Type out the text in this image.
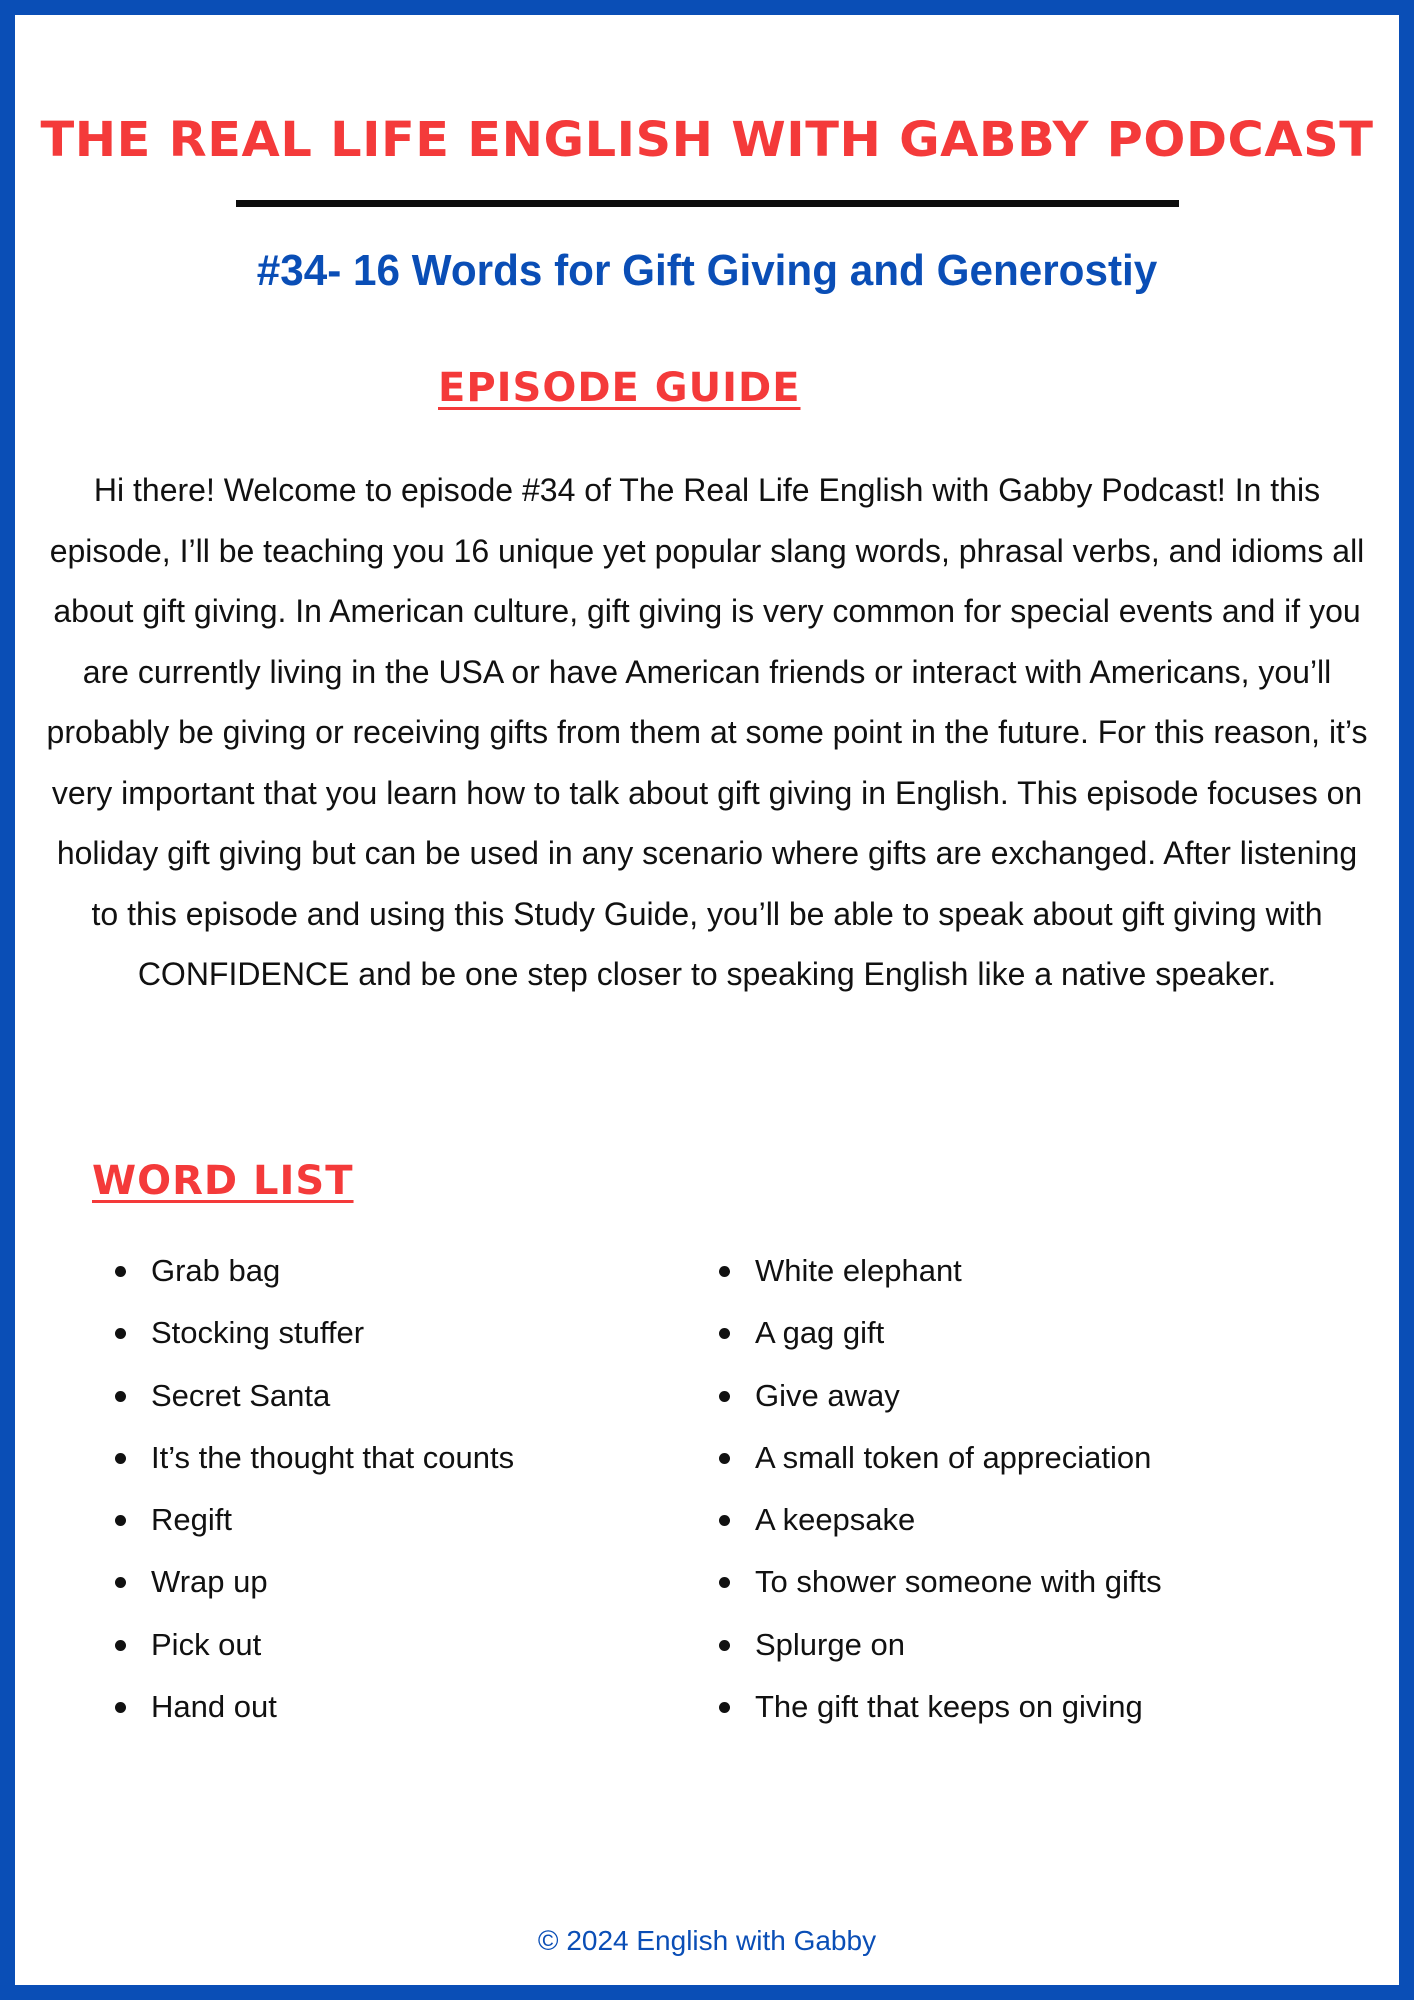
THE REAL LIFE ENGLISH WITH GABBY PODCAST
#34- 16 Words for Gift Giving and Generostiy
EPISODE GUIDE

Hi there! Welcome to episode #34 of The Real Life English with Gabby Podcast! In this episode, I’ll be teaching you 16 unique yet popular slang words, phrasal verbs, and idioms all about gift giving. In American culture, gift giving is very common for special events and if you are currently living in the USA or have American friends or interact with Americans, you’ll probably be giving or receiving gifts from them at some point in the future. For this reason, it’s very important that you learn how to talk about gift giving in English. This episode focuses on holiday gift giving but can be used in any scenario where gifts are exchanged. After listening to this episode and using this Study Guide, you’ll be able to speak about gift giving with CONFIDENCE and be one step closer to speaking English like a native speaker.

WORD LIST
Grab bag
Stocking stuffer
Secret Santa
It’s the thought that counts
Regift
Wrap up
Pick out
Hand out
White elephant
A gag gift
Give away
A small token of appreciation
A keepsake
To shower someone with gifts
Splurge on
The gift that keeps on giving
© 2024 English with Gabby
